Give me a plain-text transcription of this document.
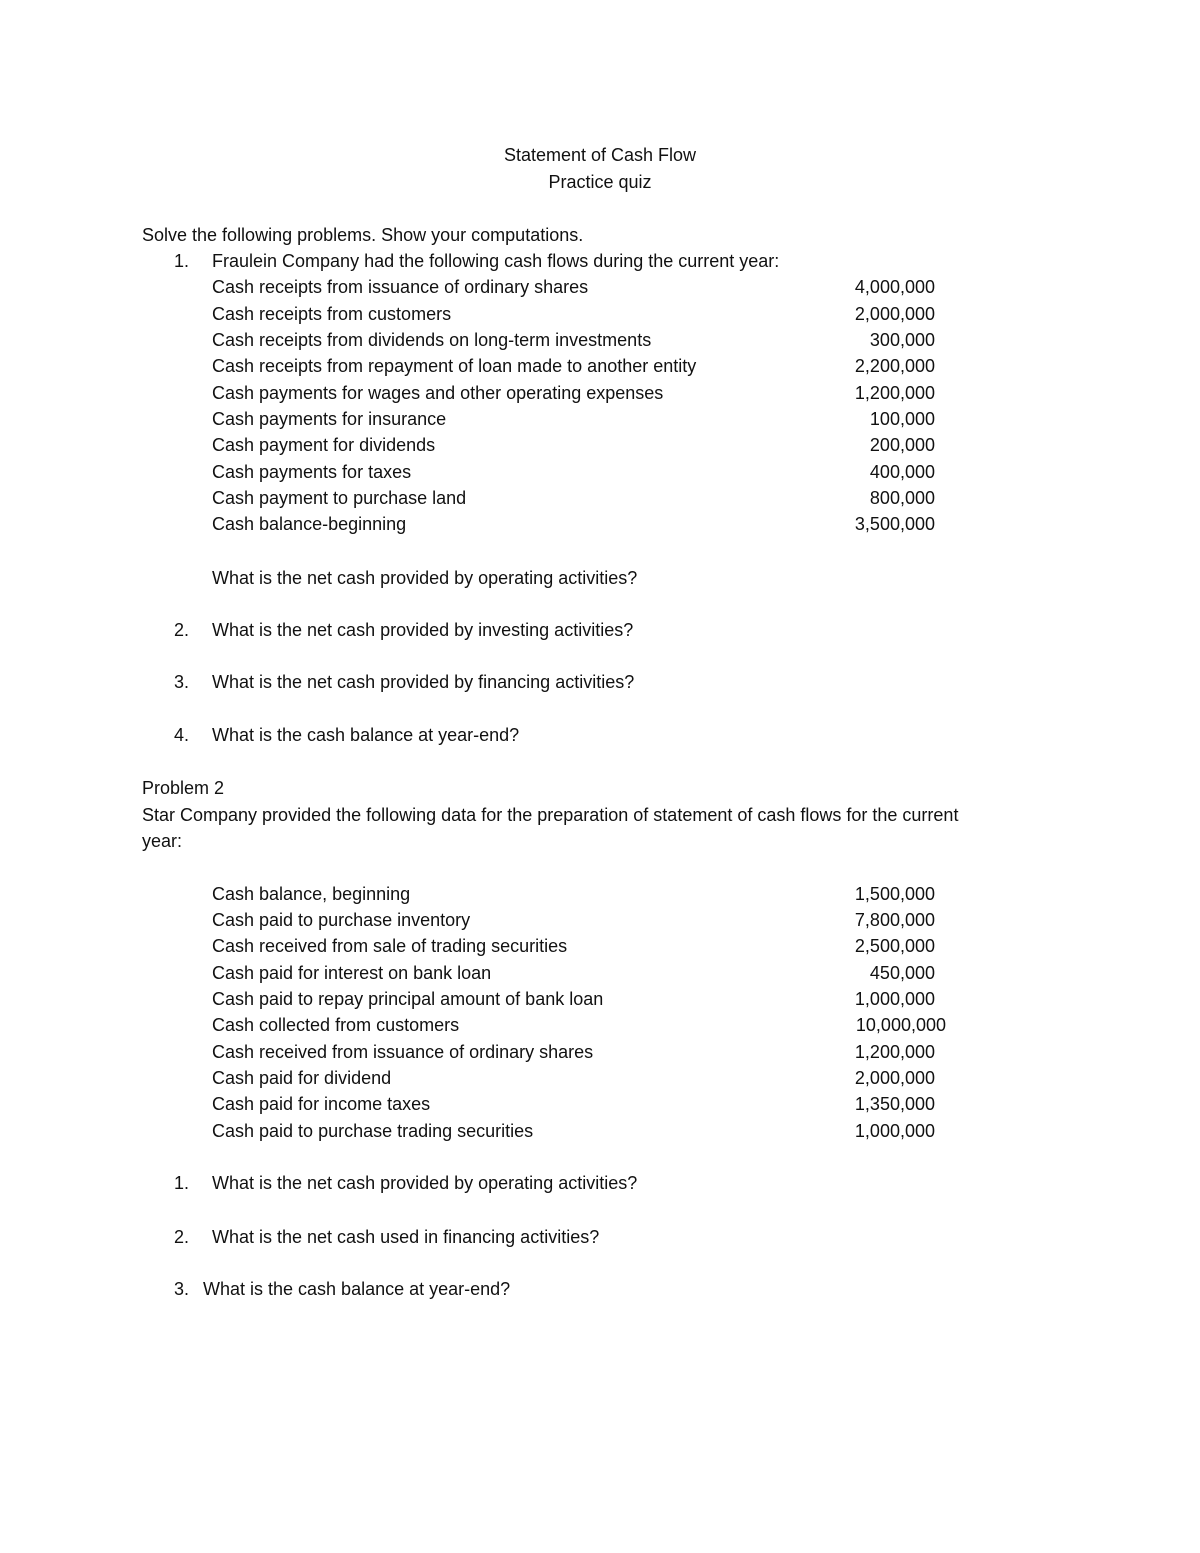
Statement of Cash Flow
Practice quiz
Solve the following problems. Show your computations.
1. Fraulein Company had the following cash flows during the current year:
Cash receipts from issuance of ordinary shares	4,000,000
Cash receipts from customers	2,000,000
Cash receipts from dividends on long-term investments	300,000
Cash receipts from repayment of loan made to another entity	2,200,000
Cash payments for wages and other operating expenses	1,200,000
Cash payments for insurance	100,000
Cash payment for dividends	200,000
Cash payments for taxes	400,000
Cash payment to purchase land	800,000
Cash balance-beginning	3,500,000
What is the net cash provided by operating activities?
2. What is the net cash provided by investing activities?
3. What is the net cash provided by financing activities?
4. What is the cash balance at year-end?
Problem 2
Star Company provided the following data for the preparation of statement of cash flows for the current
year:
Cash balance, beginning	1,500,000
Cash paid to purchase inventory	7,800,000
Cash received from sale of trading securities	2,500,000
Cash paid for interest on bank loan	450,000
Cash paid to repay principal amount of bank loan	1,000,000
Cash collected from customers	10,000,000
Cash received from issuance of ordinary shares	1,200,000
Cash paid for dividend	2,000,000
Cash paid for income taxes	1,350,000
Cash paid to purchase trading securities	1,000,000
1. What is the net cash provided by operating activities?
2. What is the net cash used in financing activities?
3. What is the cash balance at year-end?
